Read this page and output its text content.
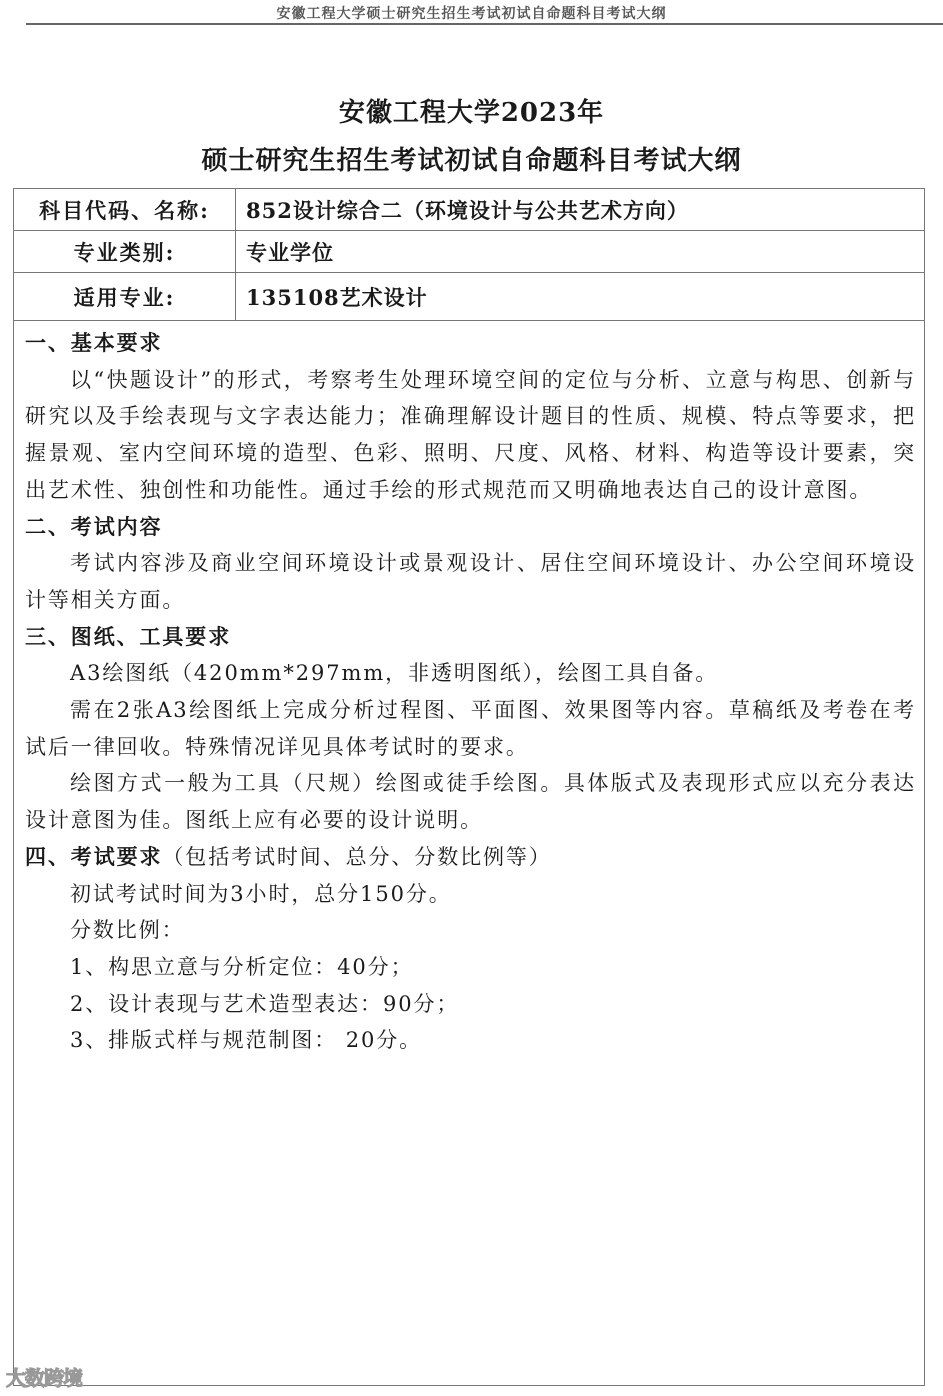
安徽工程大学硕士研究生招生考试初试自命题科目考试大纲
安徽工程大学2023年
硕士研究生招生考试初试自命题科目考试大纲
科目代码、名称:	852设计综合二（环境设计与公共艺术方向）
专业类别:	专业学位
适用专业:	135108艺术设计

一、基本要求

以“快题设计”的形式，考察考生处理环境空间的定位与分析、立意与构思、创新与研究以及手绘表现与文字表达能力；准确理解设计题目的性质、规模、特点等要求，把握景观、室内空间环境的造型、色彩、照明、尺度、风格、材料、构造等设计要素，突出艺术性、独创性和功能性。通过手绘的形式规范而又明确地表达自己的设计意图。

二、考试内容

考试内容涉及商业空间环境设计或景观设计、居住空间环境设计、办公空间环境设计等相关方面。

三、图纸、工具要求

A3绘图纸（420mm*297mm，非透明图纸），绘图工具自备。

需在2张A3绘图纸上完成分析过程图、平面图、效果图等内容。草稿纸及考卷在考试后一律回收。特殊情况详见具体考试时的要求。

绘图方式一般为工具（尺规）绘图或徒手绘图。具体版式及表现形式应以充分表达设计意图为佳。图纸上应有必要的设计说明。

四、考试要求（包括考试时间、总分、分数比例等）

初试考试时间为3小时，总分150分。

分数比例：

1、构思立意与分析定位：40分；

2、设计表现与艺术造型表达：90分；

3、排版式样与规范制图： 20分。

大数跨境
